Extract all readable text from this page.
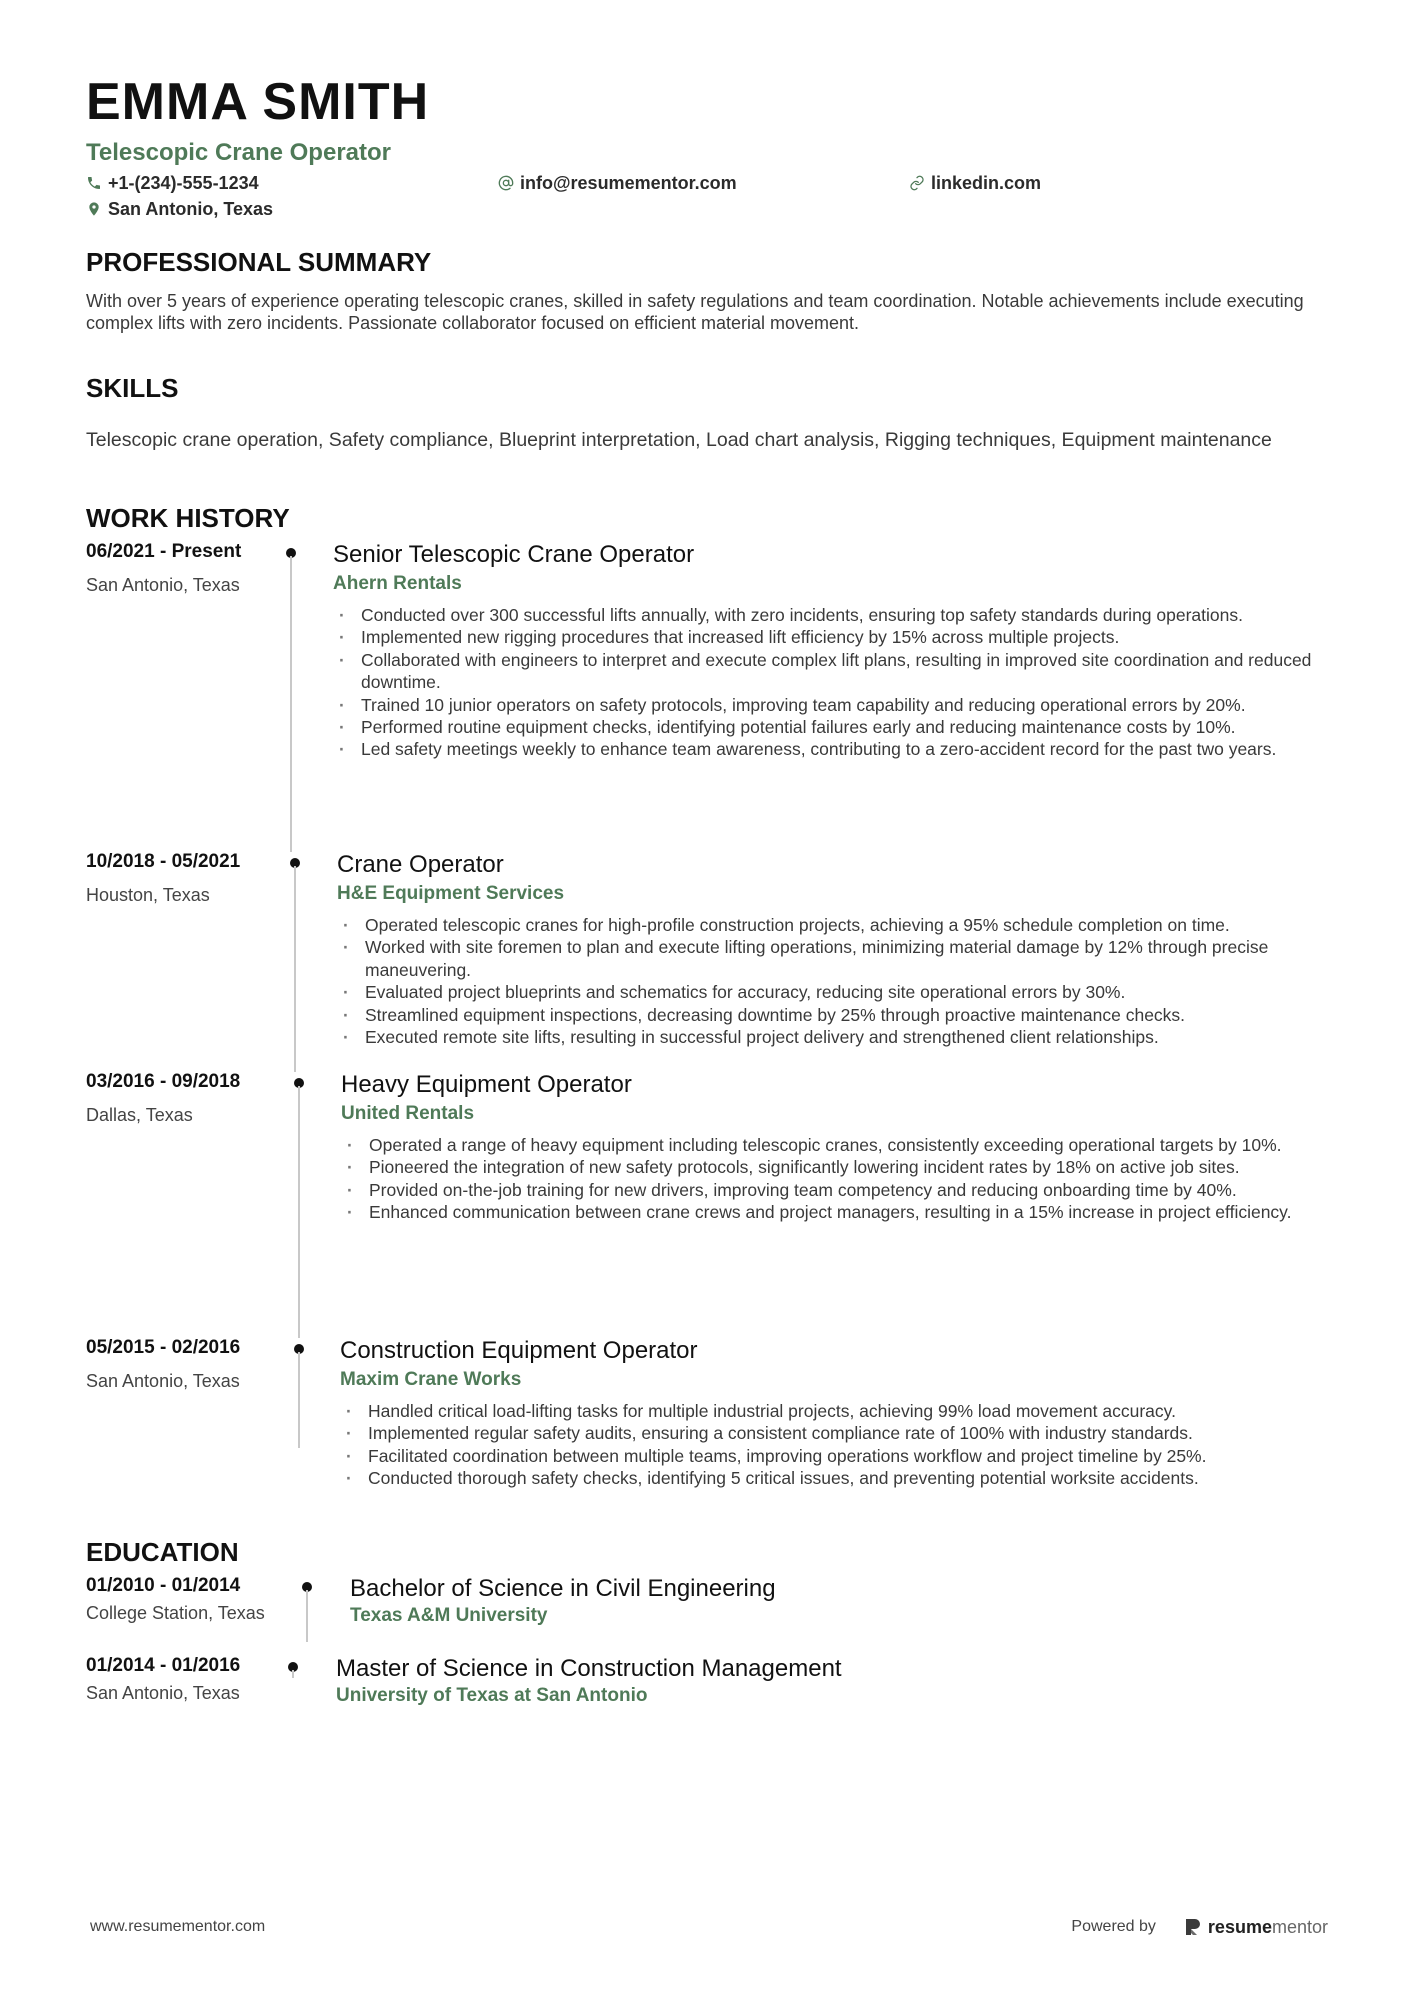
EMMA SMITH
Telescopic Crane Operator
+1-(234)-555-1234	info@resumementor.com	linkedin.com
San Antonio, Texas
PROFESSIONAL SUMMARY
With over 5 years of experience operating telescopic cranes, skilled in safety regulations and team coordination. Notable achievements include executing complex lifts with zero incidents. Passionate collaborator focused on efficient material movement.
SKILLS
Telescopic crane operation, Safety compliance, Blueprint interpretation, Load chart analysis, Rigging techniques, Equipment maintenance
WORK HISTORY
06/2021 - Present
San Antonio, Texas
Senior Telescopic Crane Operator
Ahern Rentals
· Conducted over 300 successful lifts annually, with zero incidents, ensuring top safety standards during operations.
· Implemented new rigging procedures that increased lift efficiency by 15% across multiple projects.
· Collaborated with engineers to interpret and execute complex lift plans, resulting in improved site coordination and reduced downtime.
· Trained 10 junior operators on safety protocols, improving team capability and reducing operational errors by 20%.
· Performed routine equipment checks, identifying potential failures early and reducing maintenance costs by 10%.
· Led safety meetings weekly to enhance team awareness, contributing to a zero-accident record for the past two years.
10/2018 - 05/2021
Houston, Texas
Crane Operator
H&E Equipment Services
· Operated telescopic cranes for high-profile construction projects, achieving a 95% schedule completion on time.
· Worked with site foremen to plan and execute lifting operations, minimizing material damage by 12% through precise maneuvering.
· Evaluated project blueprints and schematics for accuracy, reducing site operational errors by 30%.
· Streamlined equipment inspections, decreasing downtime by 25% through proactive maintenance checks.
· Executed remote site lifts, resulting in successful project delivery and strengthened client relationships.
03/2016 - 09/2018
Dallas, Texas
Heavy Equipment Operator
United Rentals
· Operated a range of heavy equipment including telescopic cranes, consistently exceeding operational targets by 10%.
· Pioneered the integration of new safety protocols, significantly lowering incident rates by 18% on active job sites.
· Provided on-the-job training for new drivers, improving team competency and reducing onboarding time by 40%.
· Enhanced communication between crane crews and project managers, resulting in a 15% increase in project efficiency.
05/2015 - 02/2016
San Antonio, Texas
Construction Equipment Operator
Maxim Crane Works
· Handled critical load-lifting tasks for multiple industrial projects, achieving 99% load movement accuracy.
· Implemented regular safety audits, ensuring a consistent compliance rate of 100% with industry standards.
· Facilitated coordination between multiple teams, improving operations workflow and project timeline by 25%.
· Conducted thorough safety checks, identifying 5 critical issues, and preventing potential worksite accidents.
EDUCATION
01/2010 - 01/2014
College Station, Texas
Bachelor of Science in Civil Engineering
Texas A&M University
01/2014 - 01/2016
San Antonio, Texas
Master of Science in Construction Management
University of Texas at San Antonio
www.resumementor.com	Powered by	resume mentor
